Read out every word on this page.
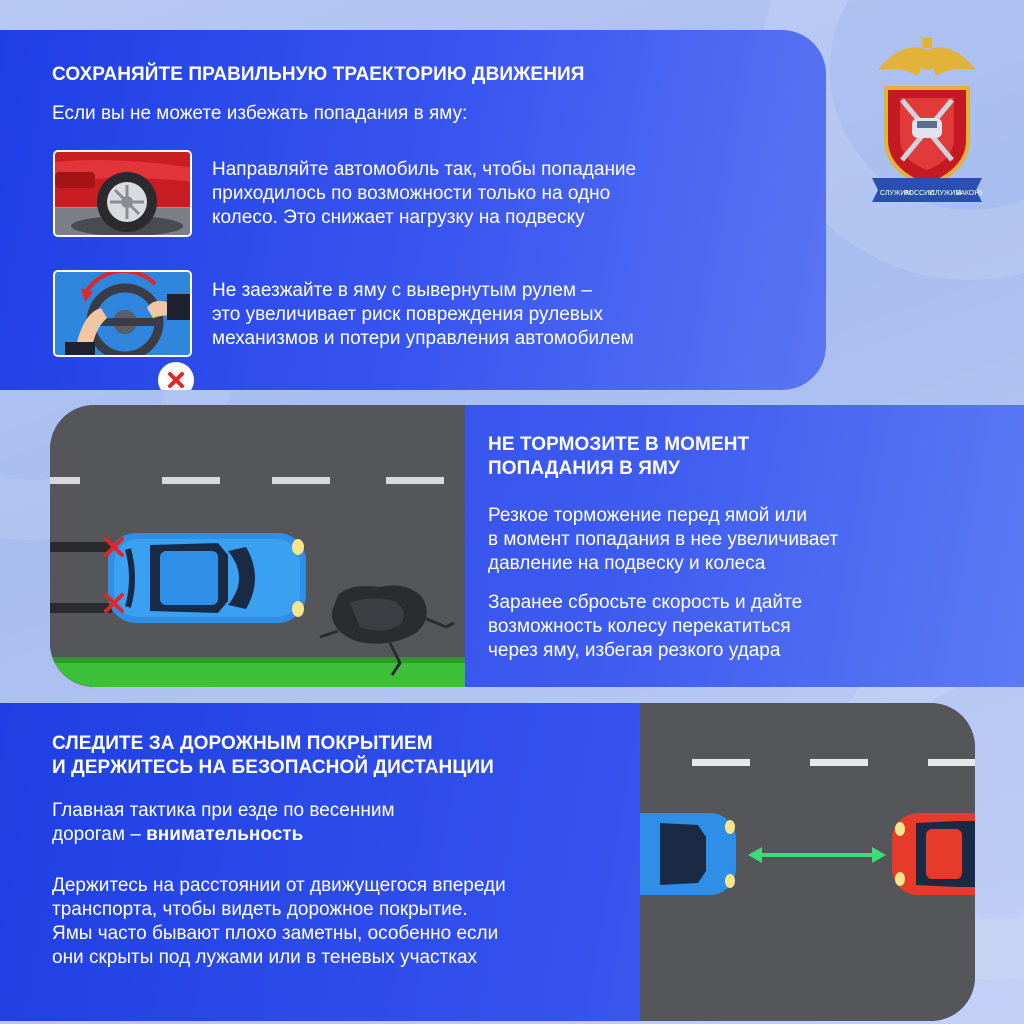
СОХРАНЯЙТЕ ПРАВИЛЬНУЮ ТРАЕКТОРИЮ ДВИЖЕНИЯ
Если вы не можете избежать попадания в яму:
Направляйте автомобиль так, чтобы попадание
приходилось по возможности только на одно
колесо. Это снижает нагрузку на подвеску
Не заезжайте в яму с вывернутым рулем –
это увеличивает риск повреждения рулевых
механизмов и потери управления автомобилем
СЛУЖИМ
РОССИИ
СЛУЖИМ
ЗАКОНУ
НЕ ТОРМОЗИТЕ В МОМЕНТ
ПОПАДАНИЯ В ЯМУ
Резкое торможение перед ямой или
в момент попадания в нее увеличивает
давление на подвеску и колеса
Заранее сбросьте скорость и дайте
возможность колесу перекатиться
через яму, избегая резкого удара
СЛЕДИТЕ ЗА ДОРОЖНЫМ ПОКРЫТИЕМ
И ДЕРЖИТЕСЬ НА БЕЗОПАСНОЙ ДИСТАНЦИИ
Главная тактика при езде по весенним
дорогам – внимательность
Держитесь на расстоянии от движущегося впереди
транспорта, чтобы видеть дорожное покрытие.
Ямы часто бывают плохо заметны, особенно если
они скрыты под лужами или в теневых участках
